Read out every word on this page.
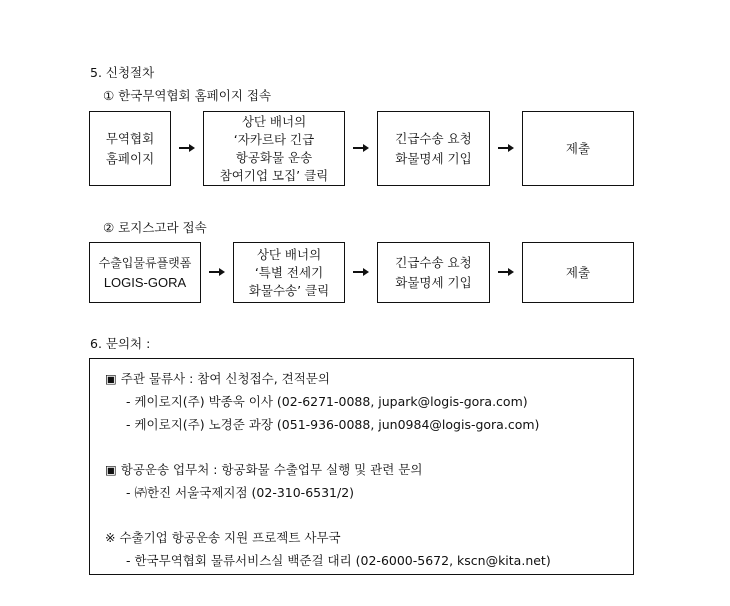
5. 신청절차
① 한국무역협회 홈페이지 접속
무역협회
홈페이지
상단 배너의
‘자카르타 긴급
항공화물 운송
참여기업 모집’ 클릭
긴급수송 요청
화물명세 기입
제출
② 로지스고라 접속
수출입물류플랫폼
LOGIS-GORA
상단 배너의
‘특별 전세기
화물수송’ 클릭
긴급수송 요청
화물명세 기입
제출
6. 문의처 :
▣ 주관 물류사 : 참여 신청접수, 견적문의
- 케이로지(주) 박종욱 이사 (02-6271-0088, jupark@logis-gora.com)
- 케이로지(주) 노경준 과장 (051-936-0088, jun0984@logis-gora.com)
▣ 항공운송 업무처 : 항공화물 수출업무 실행 및 관련 문의
- ㈜한진 서울국제지점 (02-310-6531/2)
※ 수출기업 항공운송 지원 프로젝트 사무국
- 한국무역협회 물류서비스실 백준걸 대리 (02-6000-5672, kscn@kita.net)
